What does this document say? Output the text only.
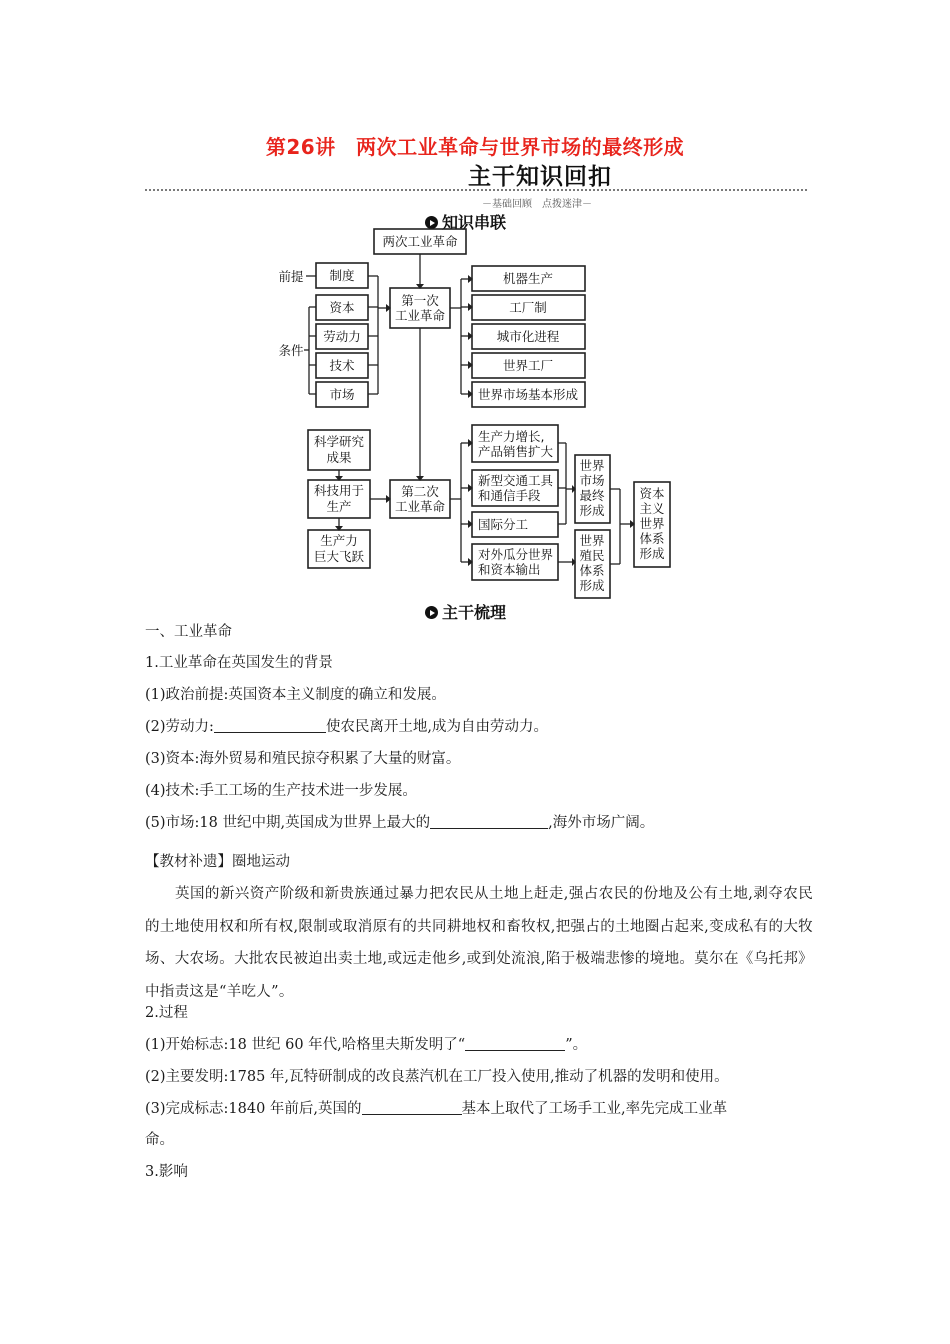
第26讲　两次工业革命与世界市场的最终形成
主干知识回扣
－基础回顾　点拨迷津－
知识串联
两次工业革命
前提
条件
制度
资本
劳动力
技术
市场
第一次
工业革命
机器生产
工厂制
城市化进程
世界工厂
世界市场基本形成
科学研究
成果
科技用于
生产
生产力
巨大飞跃
第二次
工业革命
生产力增长,
产品销售扩大
新型交通工具
和通信手段
国际分工
对外瓜分世界
和资本输出
世界
市场
最终
形成
世界
殖民
体系
形成
资本
主义
世界
体系
形成
主干梳理
一、工业革命
1.工业革命在英国发生的背景
(1)政治前提:英国资本主义制度的确立和发展。
(2)劳动力:	使农民离开土地,成为自由劳动力。
(3)资本:海外贸易和殖民掠夺积累了大量的财富。
(4)技术:手工工场的生产技术进一步发展。
(5)市场:18 世纪中期,英国成为世界上最大的	,海外市场广阔。
【教材补遗】圈地运动
英国的新兴资产阶级和新贵族通过暴力把农民从土地上赶走,强占农民的份地及公有土地,剥夺农民的土地使用权和所有权,限制或取消原有的共同耕地权和畜牧权,把强占的土地圈占起来,变成私有的大牧场、大农场。大批农民被迫出卖土地,或远走他乡,或到处流浪,陷于极端悲惨的境地。莫尔在《乌托邦》中指责这是“羊吃人”。
2.过程
(1)开始标志:18 世纪 60 年代,哈格里夫斯发明了“	”。
(2)主要发明:1785 年,瓦特研制成的改良蒸汽机在工厂投入使用,推动了机器的发明和使用。
(3)完成标志:1840 年前后,英国的	基本上取代了工场手工业,率先完成工业革
命。
3.影响
